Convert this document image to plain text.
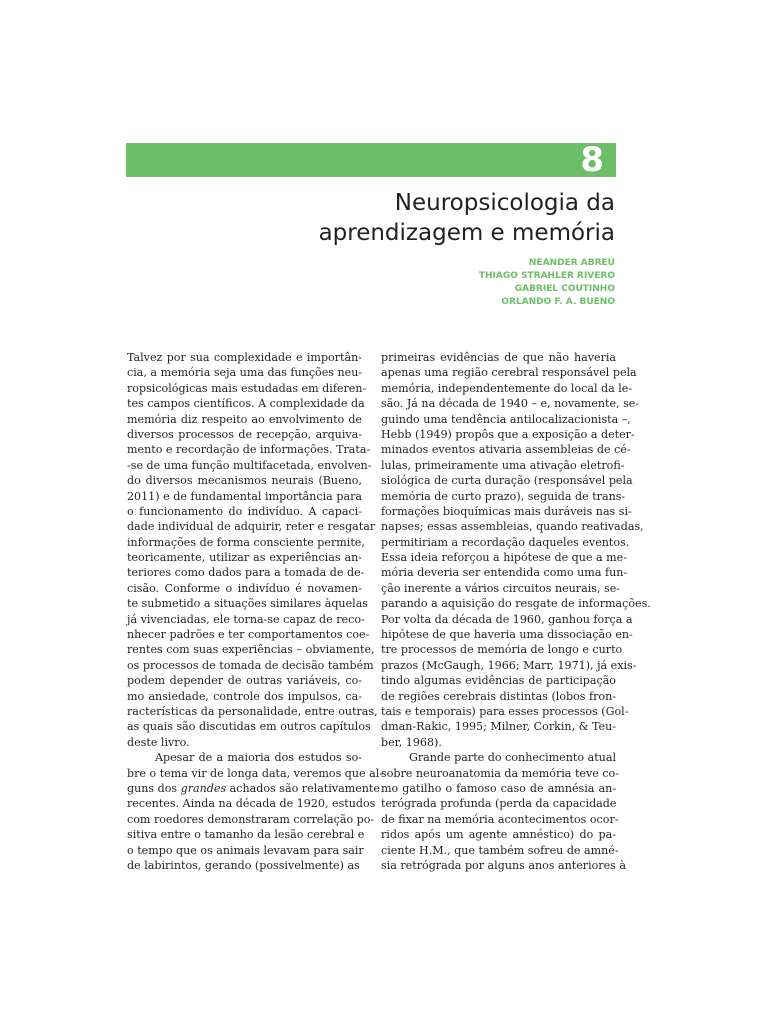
8
Neuropsicologia da
aprendizagem e memória
NEANDER ABREU
THIAGO STRAHLER RIVERO
GABRIEL COUTINHO
ORLANDO F. A. BUENO
Talvez por sua complexidade e importân-
cia, a memória seja uma das funções neu-
ropsicológicas mais estudadas em diferen-
tes campos científicos. A complexidade da
memória diz respeito ao envolvimento de
diversos processos de recepção, arquiva-
mento e recordação de informações. Trata-
-se de uma função multifacetada, envolven-
do diversos mecanismos neurais (Bueno,
2011) e de fundamental importância para
o funcionamento do indivíduo. A capaci-
dade individual de adquirir, reter e resgatar
informações de forma consciente permite,
teoricamente, utilizar as experiências an-
teriores como dados para a tomada de de-
cisão. Conforme o indivíduo é novamen-
te submetido a situações similares àquelas
já vivenciadas, ele torna-se capaz de reco-
nhecer padrões e ter comportamentos coe-
rentes com suas experiências – obviamente,
os processos de tomada de decisão também
podem depender de outras variáveis, co-
mo ansiedade, controle dos impulsos, ca-
racterísticas da personalidade, entre outras,
as quais são discutidas em outros capítulos
deste livro.
Apesar de a maioria dos estudos so-
bre o tema vir de longa data, veremos que al-
guns dos grandes achados são relativamente
recentes. Ainda na década de 1920, estudos
com roedores demonstraram correlação po-
sitiva entre o tamanho da lesão cerebral e
o tempo que os animais levavam para sair
de labirintos, gerando (possivelmente) as
primeiras evidências de que não haveria
apenas uma região cerebral responsável pela
memória, independentemente do local da le-
são. Já na década de 1940 – e, novamente, se-
guindo uma tendência antilocalizacionista –,
Hebb (1949) propôs que a exposição a deter-
minados eventos ativaria assembleias de cé-
lulas, primeiramente uma ativação eletrofi-
siológica de curta duração (responsável pela
memória de curto prazo), seguida de trans-
formações bioquímicas mais duráveis nas si-
napses; essas assembleias, quando reativadas,
permitiriam a recordação daqueles eventos.
Essa ideia reforçou a hipótese de que a me-
mória deveria ser entendida como uma fun-
ção inerente a vários circuitos neurais, se-
parando a aquisição do resgate de informações.
Por volta da década de 1960, ganhou força a
hipótese de que haveria uma dissociação en-
tre processos de memória de longo e curto
prazos (McGaugh, 1966; Marr, 1971), já exis-
tindo algumas evidências de participação
de regiões cerebrais distintas (lobos fron-
tais e temporais) para esses processos (Gol-
dman-Rakic, 1995; Milner, Corkin, & Teu-
ber, 1968).
Grande parte do conhecimento atual
sobre neuroanatomia da memória teve co-
mo gatilho o famoso caso de amnésia an-
terógrada profunda (perda da capacidade
de fixar na memória acontecimentos ocor-
ridos após um agente amnéstico) do pa-
ciente H.M., que também sofreu de amné-
sia retrógrada por alguns anos anteriores à
